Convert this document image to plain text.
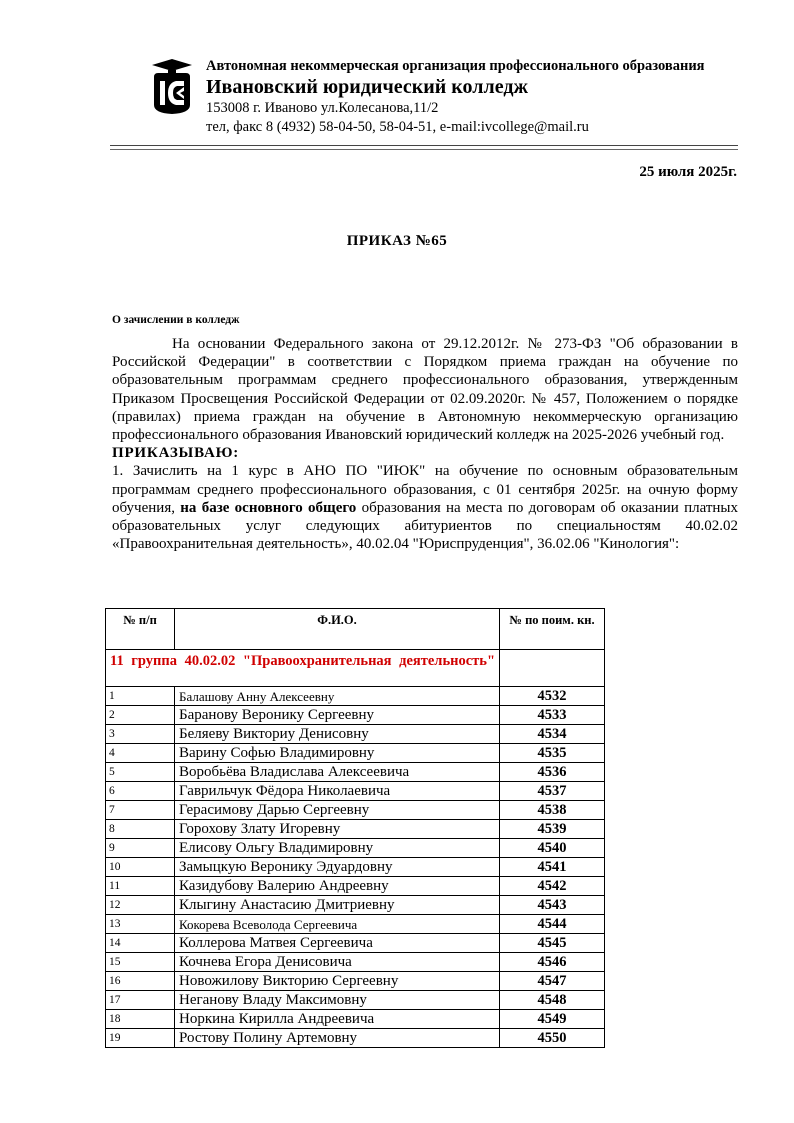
Автономная некоммерческая организация профессионального образования
Ивановский юридический колледж
153008 г. Иваново ул.Колесанова,11/2
тел, факс 8 (4932) 58-04-50, 58-04-51, e-mail:ivcollege@mail.ru
25 июля 2025г.
ПРИКАЗ №65
О зачислении в колледж

На основании Федерального закона от 29.12.2012г. № 273-ФЗ "Об образовании в Российской Федерации" в соответствии с Порядком приема граждан на обучение по образовательным программам среднего профессионального образования, утвержденным Приказом Просвещения Российской Федерации от 02.09.2020г. № 457, Положением о порядке (правилах) приема граждан на обучение в Автономную некоммерческую организацию профессионального образования Ивановский юридический колледж на 2025-2026 учебный год.

ПРИКАЗЫВАЮ:

1. Зачислить на 1 курс в АНО ПО "ИЮК" на обучение по основным образовательным программам среднего профессионального образования, с 01 сентября 2025г. на очную форму обучения, на базе основного общего образования на места по договорам об оказании платных образовательных услуг следующих абитуриентов по специальностям 40.02.02 «Правоохранительная деятельность», 40.02.04 "Юриспруденция", 36.02.06 "Кинология":

№ п/п	Ф.И.О.	№ по поим. кн.
11 группа 40.02.02 "Правоохранительная деятельность"		
1	Балашову Анну Алексеевну	4532
2	Баранову Веронику Сергеевну	4533
3	Беляеву Викториу Денисовну	4534
4	Варину Софью Владимировну	4535
5	Воробьёва Владислава Алексеевича	4536
6	Гаврильчук Фёдора Николаевича	4537
7	Герасимову Дарью Сергеевну	4538
8	Горохову Злату Игоревну	4539
9	Елисову Ольгу Владимировну	4540
10	Замыцкую Веронику Эдуардовну	4541
11	Казидубову Валерию Андреевну	4542
12	Клыгину Анастасию Дмитриевну	4543
13	Кокорева Всеволода Сергеевича	4544
14	Коллерова Матвея Сергеевича	4545
15	Кочнева Егора Денисовича	4546
16	Новожилову Викторию Сергеевну	4547
17	Неганову Владу Максимовну	4548
18	Норкина Кирилла Андреевича	4549
19	Ростову Полину Артемовну	4550
